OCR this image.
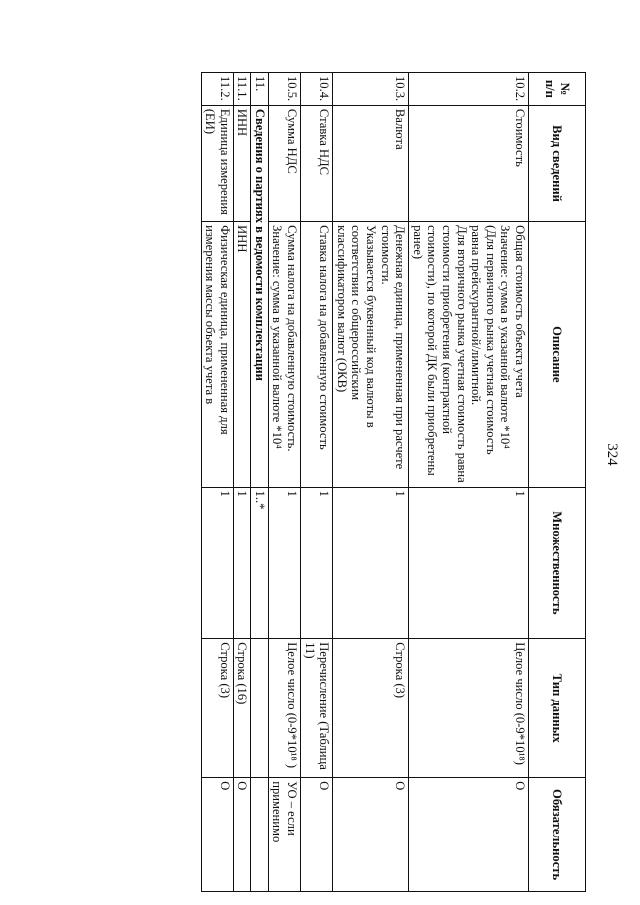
324
№ п/п	Вид сведений	Описание	Множественность	Тип данных	Обязательность
10.2.	Стоимость	Общая стоимость объекта учета
Значение: сумма в указанной валюте *10⁴
(Для первичного рынка учетная стоимость равна прейскурантной/лимитной.
Для вторичного рынка учетная стоимость равна стоимости приобретения (контрактной стоимости), по которой ДК были приобретены ранее)	1	Целое число (0-9*10¹⁸)	О
10.3.	Валюта	Денежная единица, примененная при расчете стоимости.
Указывается буквенный код валюты в соответствии с общероссийским классификатором валют (ОКВ)	1	Строка (3)	О
10.4.	Ставка НДС	Ставка налога на добавленную стоимость	1	Перечисление (Таблица 11)	О
10.5.	Сумма НДС	Сумма налога на добавленную стоимость.
Значение: сумма в указанной валюте *10⁴	1	Целое число (0-9*10¹⁸ )	УО – если применимо
11.	Сведения о партиях в ведомости комплектации		1..*		
11.1.	ИНН	ИНН	1	Строка (16)	О
11.2.	Единица измерения (ЕИ)	Физическая единица, примененная для измерения массы объекта учета в	1	Строка (3)	О
